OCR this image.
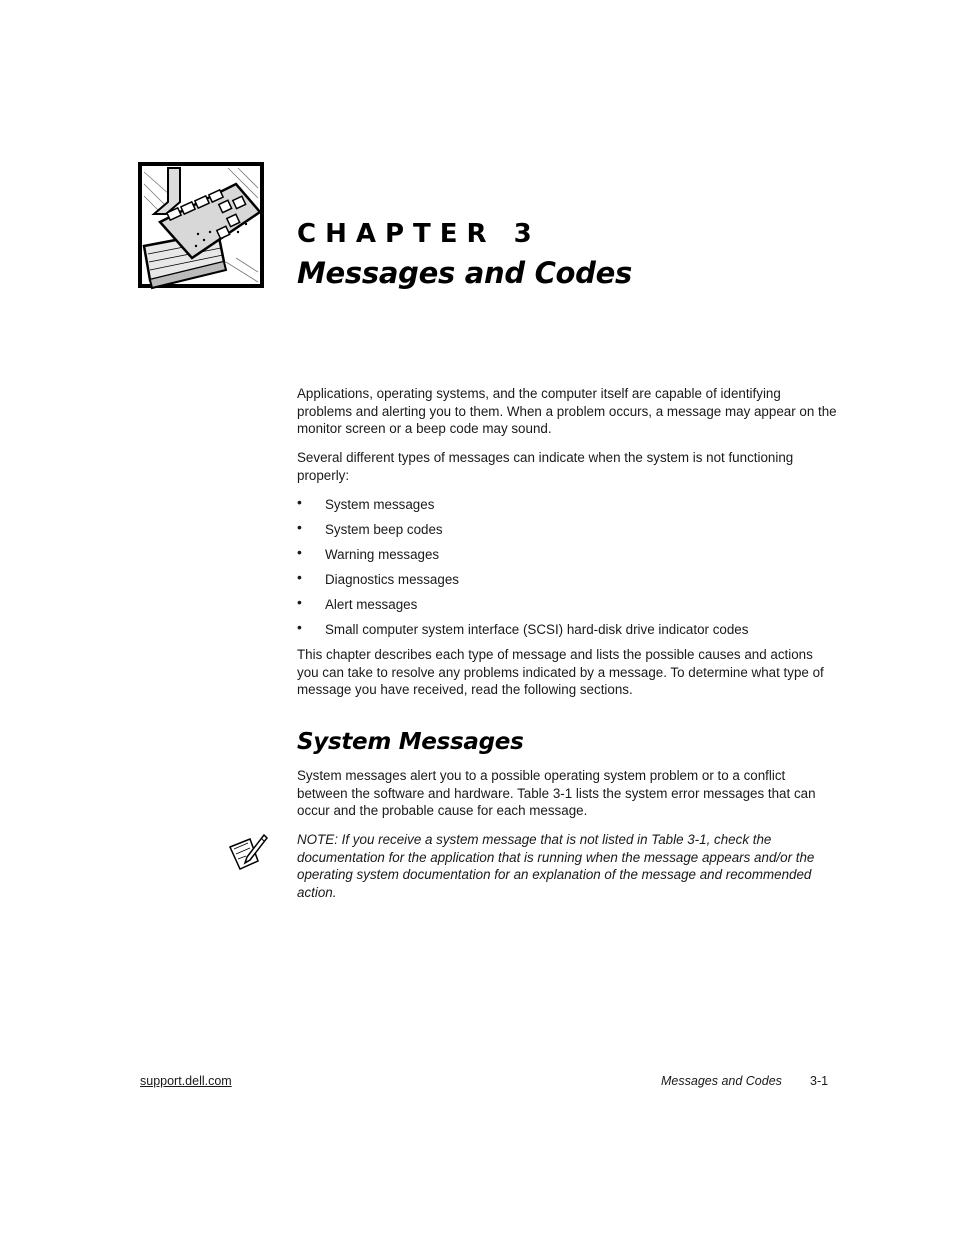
CHAPTER 3
Messages and Codes

Applications, operating systems, and the computer itself are capable of identifying problems and alerting you to them. When a problem occurs, a message may appear on the monitor screen or a beep code may sound.

Several different types of messages can indicate when the system is not functioning properly:

• System messages
• System beep codes
• Warning messages
• Diagnostics messages
• Alert messages
• Small computer system interface (SCSI) hard-disk drive indicator codes

This chapter describes each type of message and lists the possible causes and actions you can take to resolve any problems indicated by a message. To determine what type of message you have received, read the following sections.

System Messages

System messages alert you to a possible operating system problem or to a conflict between the software and hardware. Table 3-1 lists the system error messages that can occur and the probable cause for each message.

NOTE: If you receive a system message that is not listed in Table 3-1, check the documentation for the application that is running when the message appears and/or the operating system documentation for an explanation of the message and recommended action.

support.dell.com	Messages and Codes 3-1
